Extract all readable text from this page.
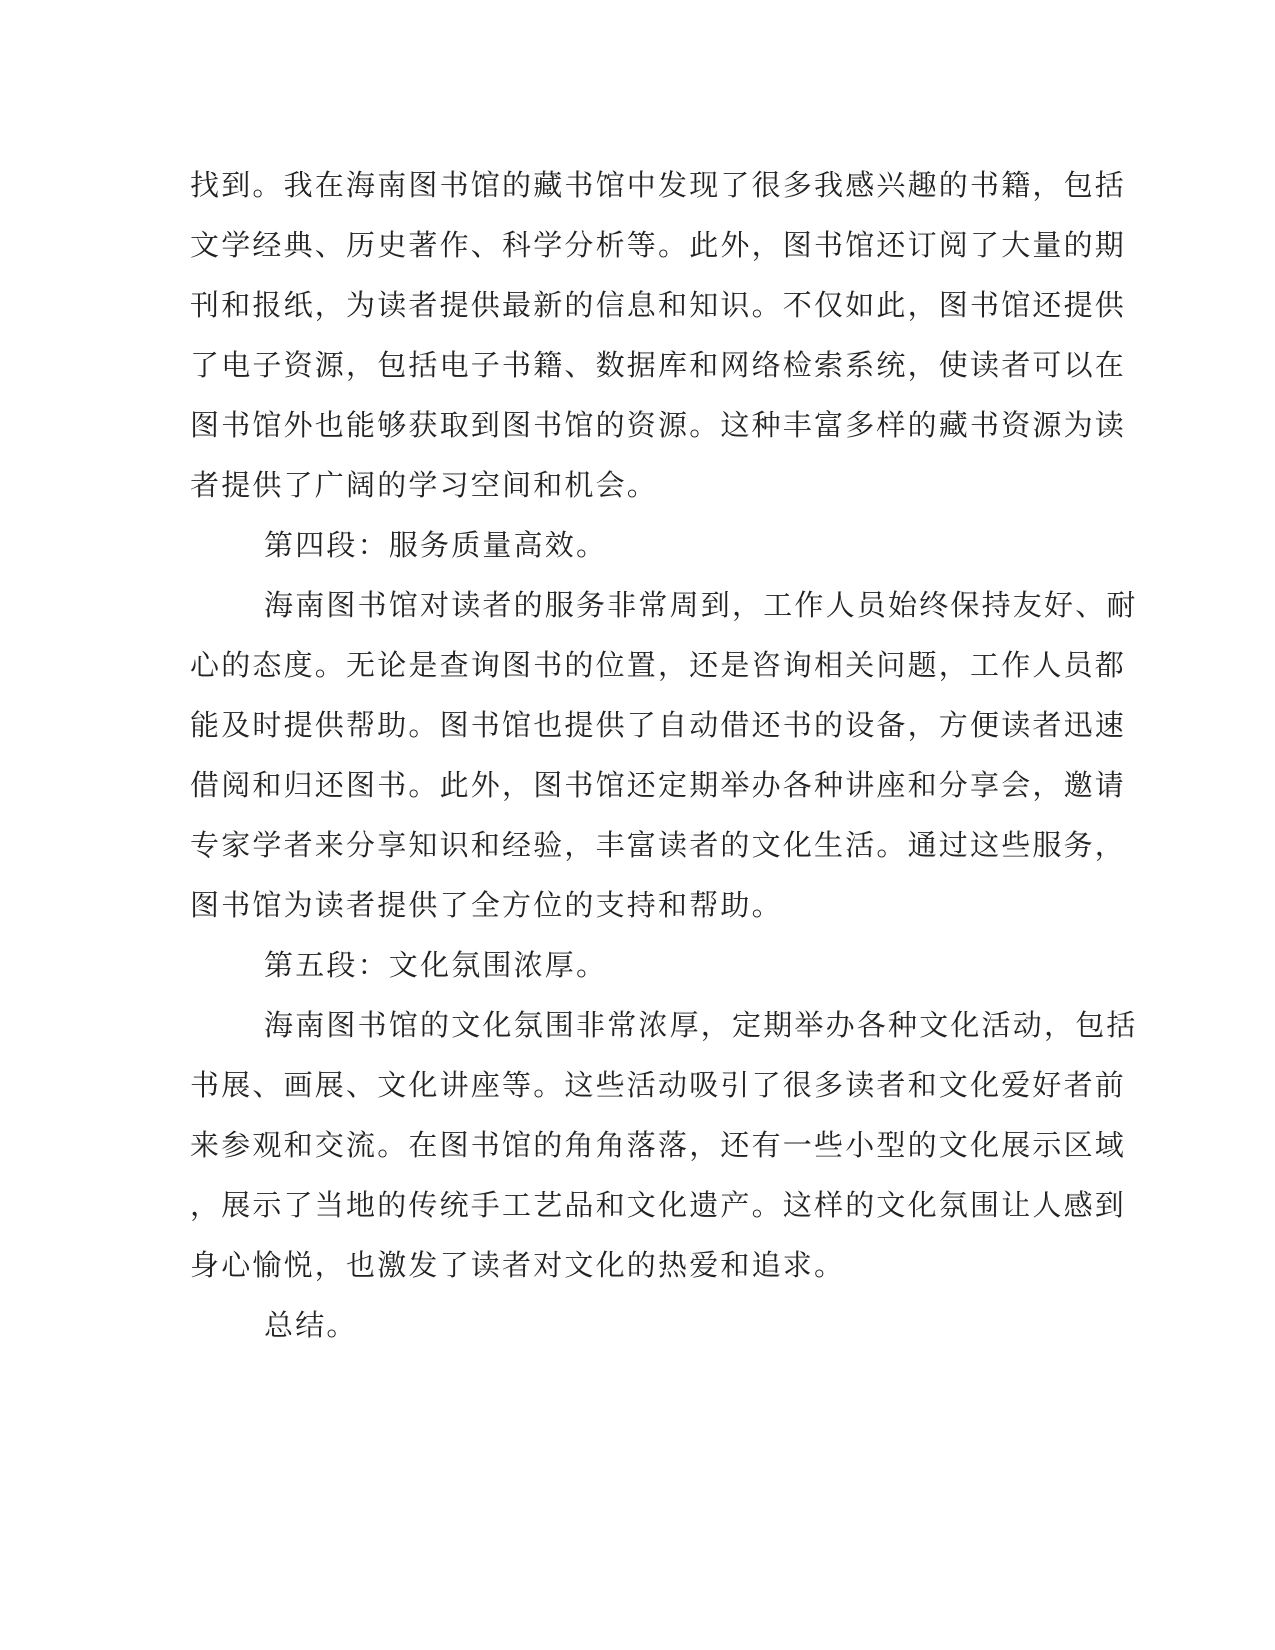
找到。我在海南图书馆的藏书馆中发现了很多我感兴趣的书籍，包括
文学经典、历史著作、科学分析等。此外，图书馆还订阅了大量的期
刊和报纸，为读者提供最新的信息和知识。不仅如此，图书馆还提供
了电子资源，包括电子书籍、数据库和网络检索系统，使读者可以在
图书馆外也能够获取到图书馆的资源。这种丰富多样的藏书资源为读
者提供了广阔的学习空间和机会。
第四段：服务质量高效。
海南图书馆对读者的服务非常周到，工作人员始终保持友好、耐
心的态度。无论是查询图书的位置，还是咨询相关问题，工作人员都
能及时提供帮助。图书馆也提供了自动借还书的设备，方便读者迅速
借阅和归还图书。此外，图书馆还定期举办各种讲座和分享会，邀请
专家学者来分享知识和经验，丰富读者的文化生活。通过这些服务，
图书馆为读者提供了全方位的支持和帮助。
第五段：文化氛围浓厚。
海南图书馆的文化氛围非常浓厚，定期举办各种文化活动，包括
书展、画展、文化讲座等。这些活动吸引了很多读者和文化爱好者前
来参观和交流。在图书馆的角角落落，还有一些小型的文化展示区域
，展示了当地的传统手工艺品和文化遗产。这样的文化氛围让人感到
身心愉悦，也激发了读者对文化的热爱和追求。
总结。
